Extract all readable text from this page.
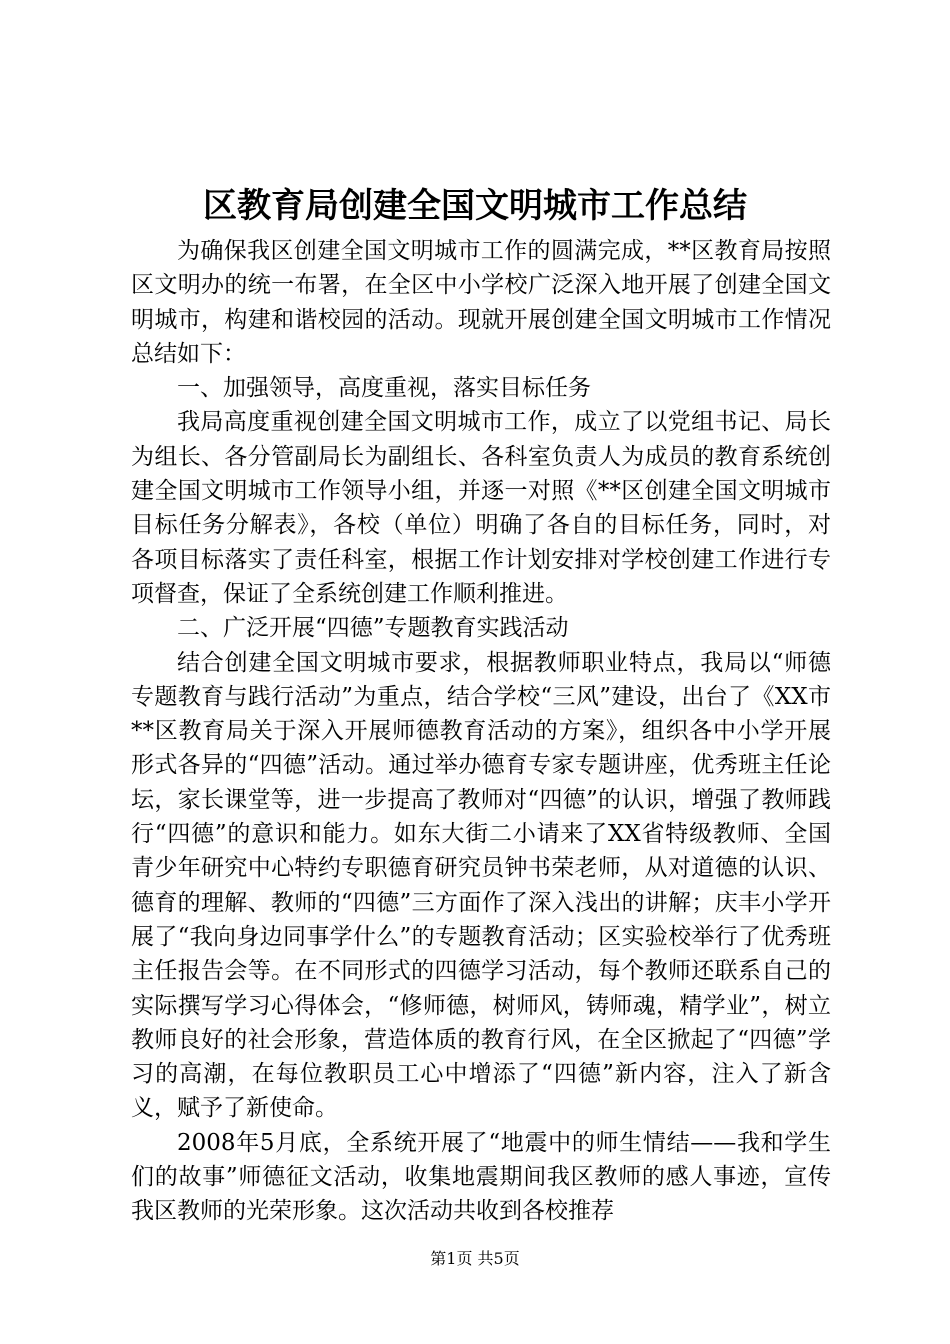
区教育局创建全国文明城市工作总结

为确保我区创建全国文明城市工作的圆满完成，**区教育局按照区文明办的统一布署，在全区中小学校广泛深入地开展了创建全国文明城市，构建和谐校园的活动。现就开展创建全国文明城市工作情况总结如下：

一、加强领导，高度重视，落实目标任务

我局高度重视创建全国文明城市工作，成立了以党组书记、局长为组长、各分管副局长为副组长、各科室负责人为成员的教育系统创建全国文明城市工作领导小组，并逐一对照《**区创建全国文明城市目标任务分解表》，各校（单位）明确了各自的目标任务，同时，对各项目标落实了责任科室，根据工作计划安排对学校创建工作进行专项督查，保证了全系统创建工作顺利推进。

二、广泛开展“四德”专题教育实践活动

结合创建全国文明城市要求，根据教师职业特点，我局以“师德专题教育与践行活动”为重点，结合学校“三风”建设，出台了《XX市**区教育局关于深入开展师德教育活动的方案》，组织各中小学开展形式各异的“四德”活动。通过举办德育专家专题讲座，优秀班主任论坛，家长课堂等，进一步提高了教师对“四德”的认识，增强了教师践行“四德”的意识和能力。如东大街二小请来了XX省特级教师、全国青少年研究中心特约专职德育研究员钟书荣老师，从对道德的认识、德育的理解、教师的“四德”三方面作了深入浅出的讲解；庆丰小学开展了“我向身边同事学什么”的专题教育活动；区实验校举行了优秀班主任报告会等。在不同形式的四德学习活动，每个教师还联系自己的实际撰写学习心得体会，“修师德，树师风，铸师魂，精学业”，树立教师良好的社会形象，营造体质的教育行风，在全区掀起了“四德”学习的高潮，在每位教职员工心中增添了“四德”新内容，注入了新含义，赋予了新使命。

2008年5月底，全系统开展了“地震中的师生情结——我和学生们的故事”师德征文活动，收集地震期间我区教师的感人事迹，宣传我区教师的光荣形象。这次活动共收到各校推荐

第1页 共5页
